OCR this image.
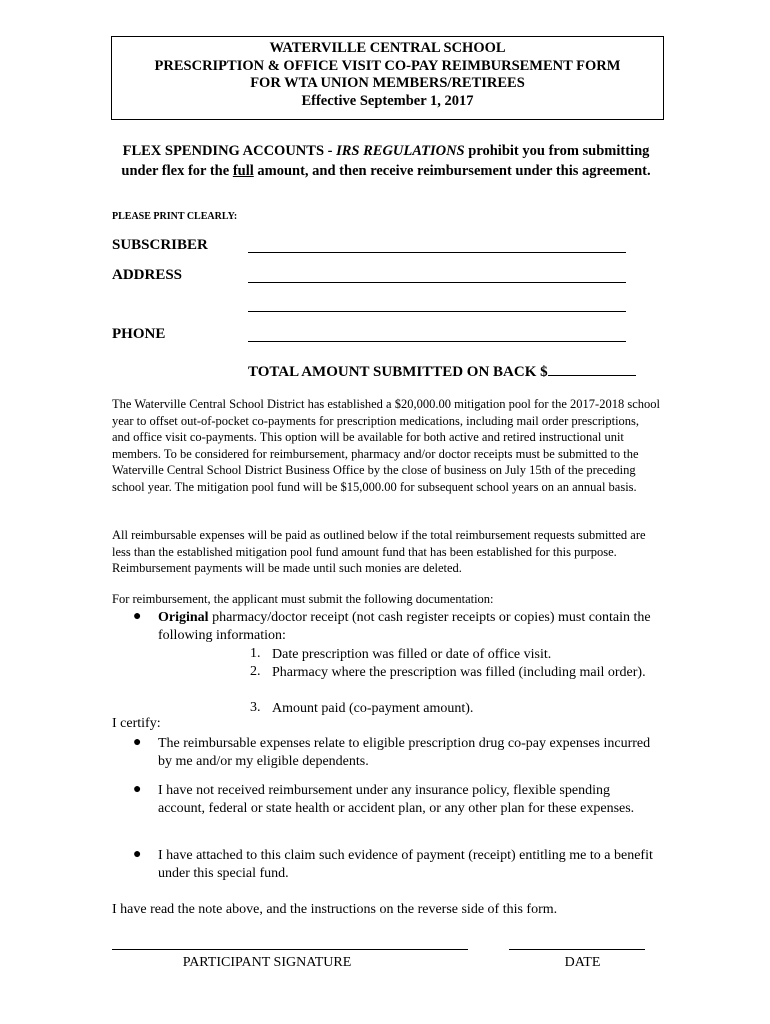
WATERVILLE CENTRAL SCHOOL
PRESCRIPTION & OFFICE VISIT CO-PAY REIMBURSEMENT FORM
FOR WTA UNION MEMBERS/RETIREES
Effective September 1, 2017
FLEX SPENDING ACCOUNTS - IRS REGULATIONS prohibit you from submitting under flex for the full amount, and then receive reimbursement under this agreement.
PLEASE PRINT CLEARLY:
SUBSCRIBER
ADDRESS
PHONE
TOTAL AMOUNT SUBMITTED ON BACK $

The Waterville Central School District has established a $20,000.00 mitigation pool for the 2017-2018 school year to offset out-of-pocket co-payments for prescription medications, including mail order prescriptions, and office visit co-payments. This option will be available for both active and retired instructional unit members. To be considered for reimbursement, pharmacy and/or doctor receipts must be submitted to the Waterville Central School District Business Office by the close of business on July 15th of the preceding school year. The mitigation pool fund will be $15,000.00 for subsequent school years on an annual basis.

All reimbursable expenses will be paid as outlined below if the total reimbursement requests submitted are less than the established mitigation pool fund amount fund that has been established for this purpose. Reimbursement payments will be made until such monies are deleted.

For reimbursement, the applicant must submit the following documentation:
● Original pharmacy/doctor receipt (not cash register receipts or copies) must contain the following information:
1. Date prescription was filled or date of office visit.
2. Pharmacy where the prescription was filled (including mail order).
3. Amount paid (co-payment amount).
I certify:
● The reimbursable expenses relate to eligible prescription drug co-pay expenses incurred by me and/or my eligible dependents.
● I have not received reimbursement under any insurance policy, flexible spending account, federal or state health or accident plan, or any other plan for these expenses.
● I have attached to this claim such evidence of payment (receipt) entitling me to a benefit under this special fund.
I have read the note above, and the instructions on the reverse side of this form.
PARTICIPANT SIGNATURE	DATE
